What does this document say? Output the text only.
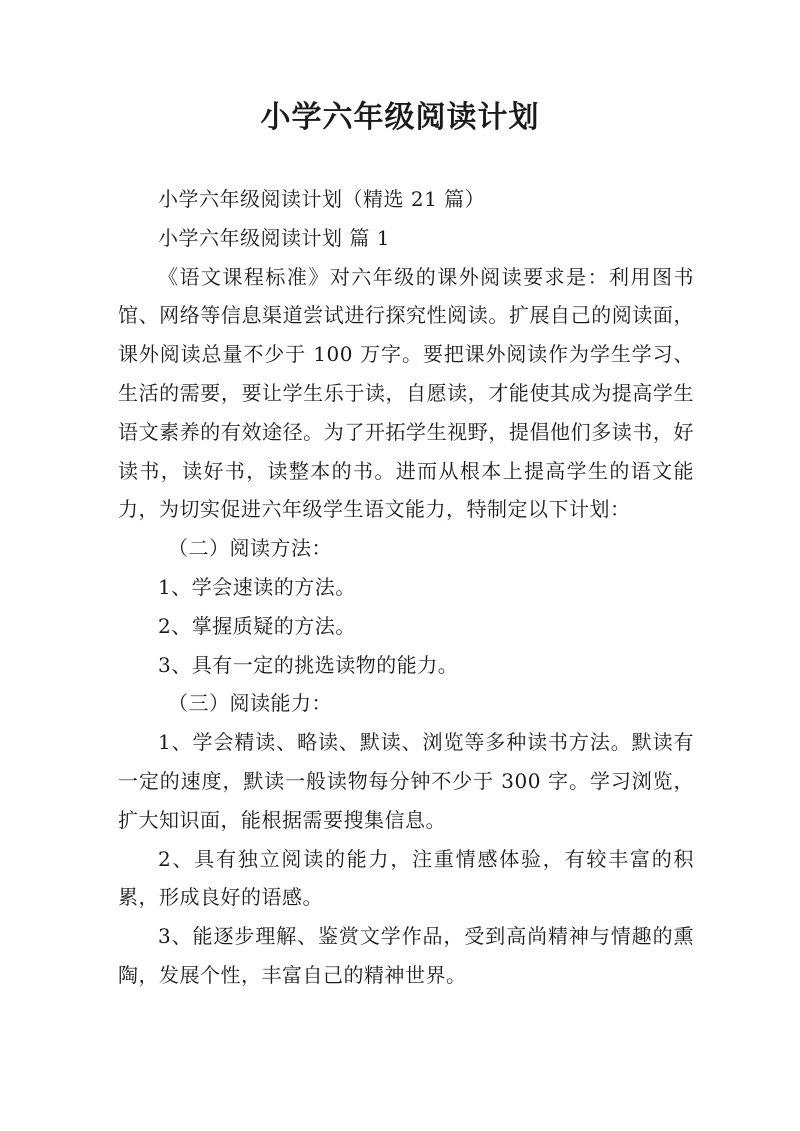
小学六年级阅读计划

小学六年级阅读计划（精选 21 篇）

小学六年级阅读计划 篇 1

《语文课程标准》对六年级的课外阅读要求是：利用图书馆、网络等信息渠道尝试进行探究性阅读。扩展自己的阅读面，课外阅读总量不少于 100 万字。要把课外阅读作为学生学习、生活的需要，要让学生乐于读，自愿读，才能使其成为提高学生语文素养的有效途径。为了开拓学生视野，提倡他们多读书，好读书，读好书，读整本的书。进而从根本上提高学生的语文能力，为切实促进六年级学生语文能力，特制定以下计划：

（二）阅读方法：

1、学会速读的方法。

2、掌握质疑的方法。

3、具有一定的挑选读物的能力。

（三）阅读能力：

1、学会精读、略读、默读、浏览等多种读书方法。默读有一定的速度，默读一般读物每分钟不少于 300 字。学习浏览，扩大知识面，能根据需要搜集信息。

2、具有独立阅读的能力，注重情感体验，有较丰富的积累，形成良好的语感。

3、能逐步理解、鉴赏文学作品，受到高尚精神与情趣的熏陶，发展个性，丰富自己的精神世界。
